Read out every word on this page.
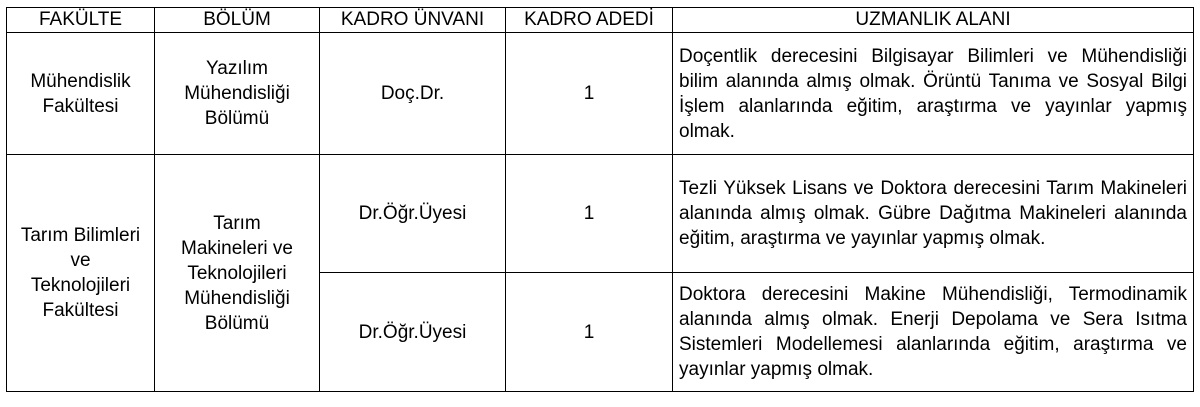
FAKÜLTE	BÖLÜM	KADRO ÜNVANI	KADRO ADEDİ	UZMANLIK ALANI

Mühendislik Fakültesi	Yazılım Mühendisliği Bölümü	Doç.Dr.	1	Doçentlik derecesini Bilgisayar Bilimleri ve Mühendisliği bilim alanında almış olmak. Örüntü Tanıma ve Sosyal Bilgi İşlem alanlarında eğitim, araştırma ve yayınlar yapmış olmak.

Tarım Bilimleri ve Teknolojileri Fakültesi	Tarım Makineleri ve Teknolojileri Mühendisliği Bölümü	Dr.Öğr.Üyesi	1	Tezli Yüksek Lisans ve Doktora derecesini Tarım Makineleri alanında almış olmak. Gübre Dağıtma Makineleri alanında eğitim, araştırma ve yayınlar yapmış olmak.
		Dr.Öğr.Üyesi	1	Doktora derecesini Makine Mühendisliği, Termodinamik alanında almış olmak. Enerji Depolama ve Sera Isıtma Sistemleri Modellemesi alanlarında eğitim, araştırma ve yayınlar yapmış olmak.
